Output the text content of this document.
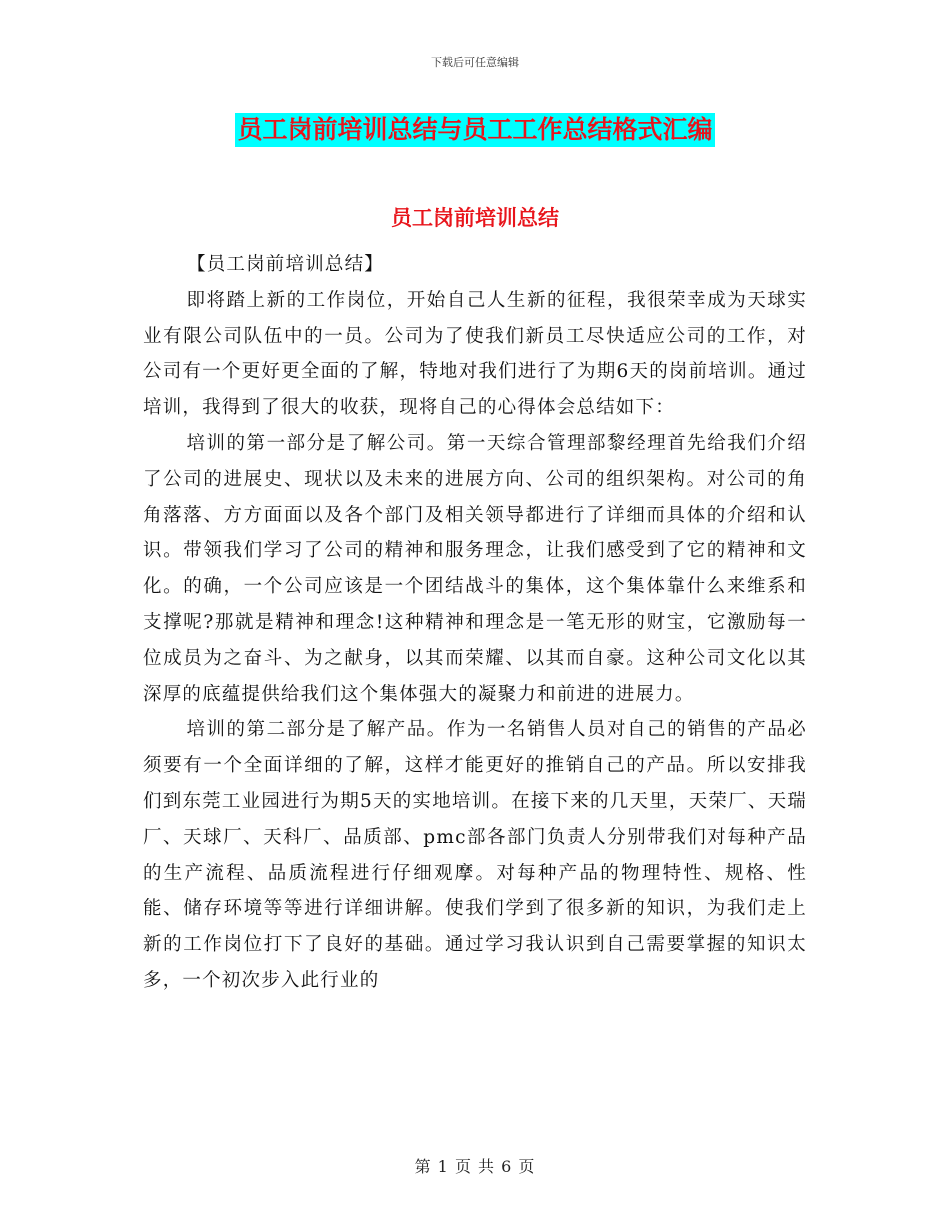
下载后可任意编辑
员工岗前培训总结与员工工作总结格式汇编
员工岗前培训总结
【员工岗前培训总结】

即将踏上新的工作岗位，开始自己人生新的征程，我很荣幸成为天球实业有限公司队伍中的一员。公司为了使我们新员工尽快适应公司的工作，对公司有一个更好更全面的了解，特地对我们进行了为期6天的岗前培训。通过培训，我得到了很大的收获，现将自己的心得体会总结如下：

培训的第一部分是了解公司。第一天综合管理部黎经理首先给我们介绍了公司的进展史、现状以及未来的进展方向、公司的组织架构。对公司的角角落落、方方面面以及各个部门及相关领导都进行了详细而具体的介绍和认识。带领我们学习了公司的精神和服务理念，让我们感受到了它的精神和文化。的确，一个公司应该是一个团结战斗的集体，这个集体靠什么来维系和支撑呢?那就是精神和理念!这种精神和理念是一笔无形的财宝，它激励每一位成员为之奋斗、为之献身，以其而荣耀、以其而自豪。这种公司文化以其深厚的底蕴提供给我们这个集体强大的凝聚力和前进的进展力。

培训的第二部分是了解产品。作为一名销售人员对自己的销售的产品必须要有一个全面详细的了解，这样才能更好的推销自己的产品。所以安排我们到东莞工业园进行为期5天的实地培训。在接下来的几天里，天荣厂、天瑞厂、天球厂、天科厂、品质部、pmc部各部门负责人分别带我们对每种产品的生产流程、品质流程进行仔细观摩。对每种产品的物理特性、规格、性能、储存环境等等进行详细讲解。使我们学到了很多新的知识，为我们走上新的工作岗位打下了良好的基础。通过学习我认识到自己需要掌握的知识太多，一个初次步入此行业的

第 1 页 共 6 页
